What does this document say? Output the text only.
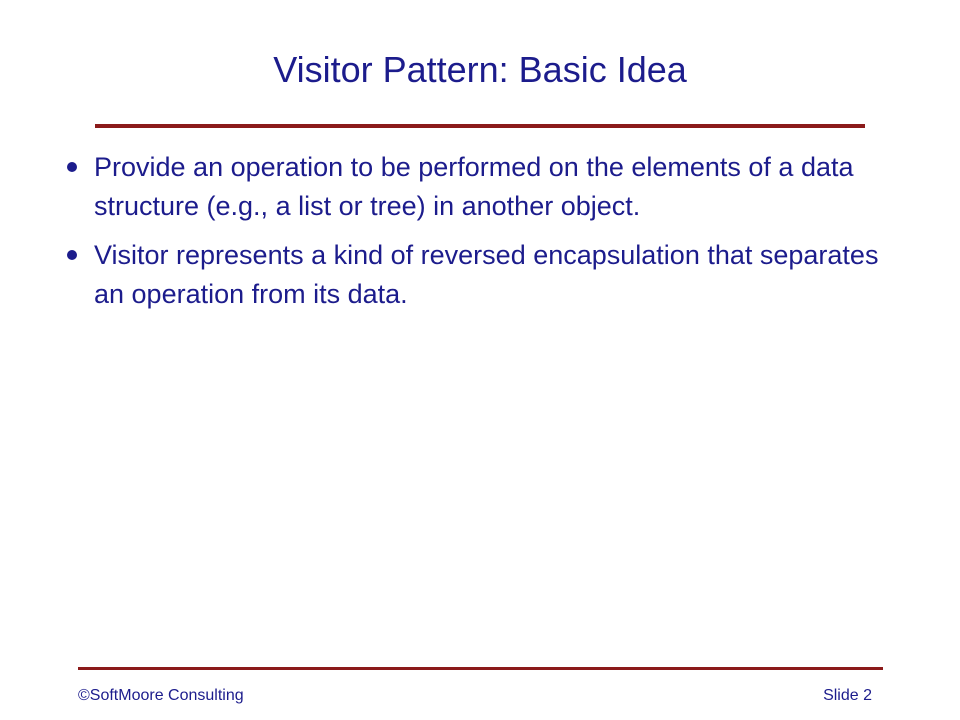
Visitor Pattern: Basic Idea
Provide an operation to be performed on the elements of a data structure (e.g., a list or tree) in another object.
Visitor represents a kind of reversed encapsulation that separates an operation from its data.
©SoftMoore Consulting	Slide 2
